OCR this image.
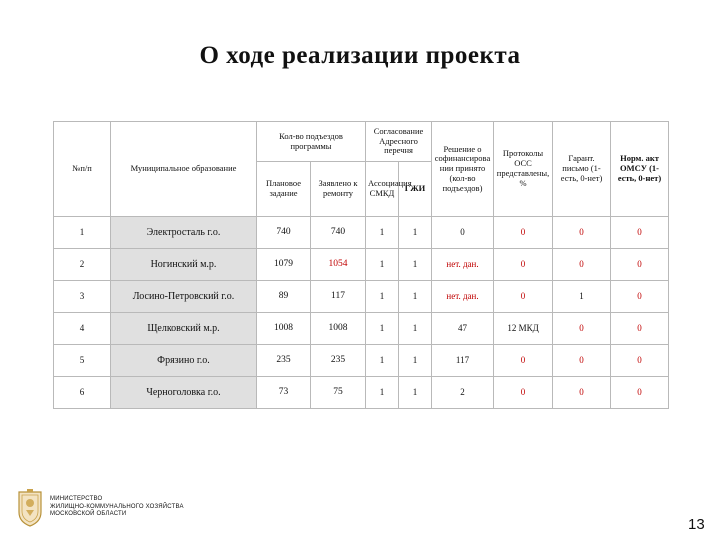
О ходе реализации проекта
№п/п	Муниципальное образование	Кол-во подъездов программы		Согласование Адресного перечня		Решение о софинансирова нии принято (кол-во подъездов)	Протоколы ОСС представлены, %	Гарант. письмо (1-есть, 0-нет)	Норм. акт ОМСУ (1-есть, 0-нет)
		Плановое задание	Заявлено к ремонту	Ассоциация СМКД	ГЖИ				
1	Электросталь г.о.	740	740	1	1	0	0	0	0
2	Ногинский м.р.	1079	1054	1	1	нет. дан.	0	0	0
3	Лосино-Петровский г.о.	89	117	1	1	нет. дан.	0	1	0
4	Щелковский м.р.	1008	1008	1	1	47	12 МКД	0	0
5	Фрязино г.о.	235	235	1	1	117	0	0	0
6	Черноголовка г.о.	73	75	1	1	2	0	0	0
МИНИСТЕРСТВО
ЖИЛИЩНО-КОММУНАЛЬНОГО ХОЗЯЙСТВА
МОСКОВСКОЙ ОБЛАСТИ
13
